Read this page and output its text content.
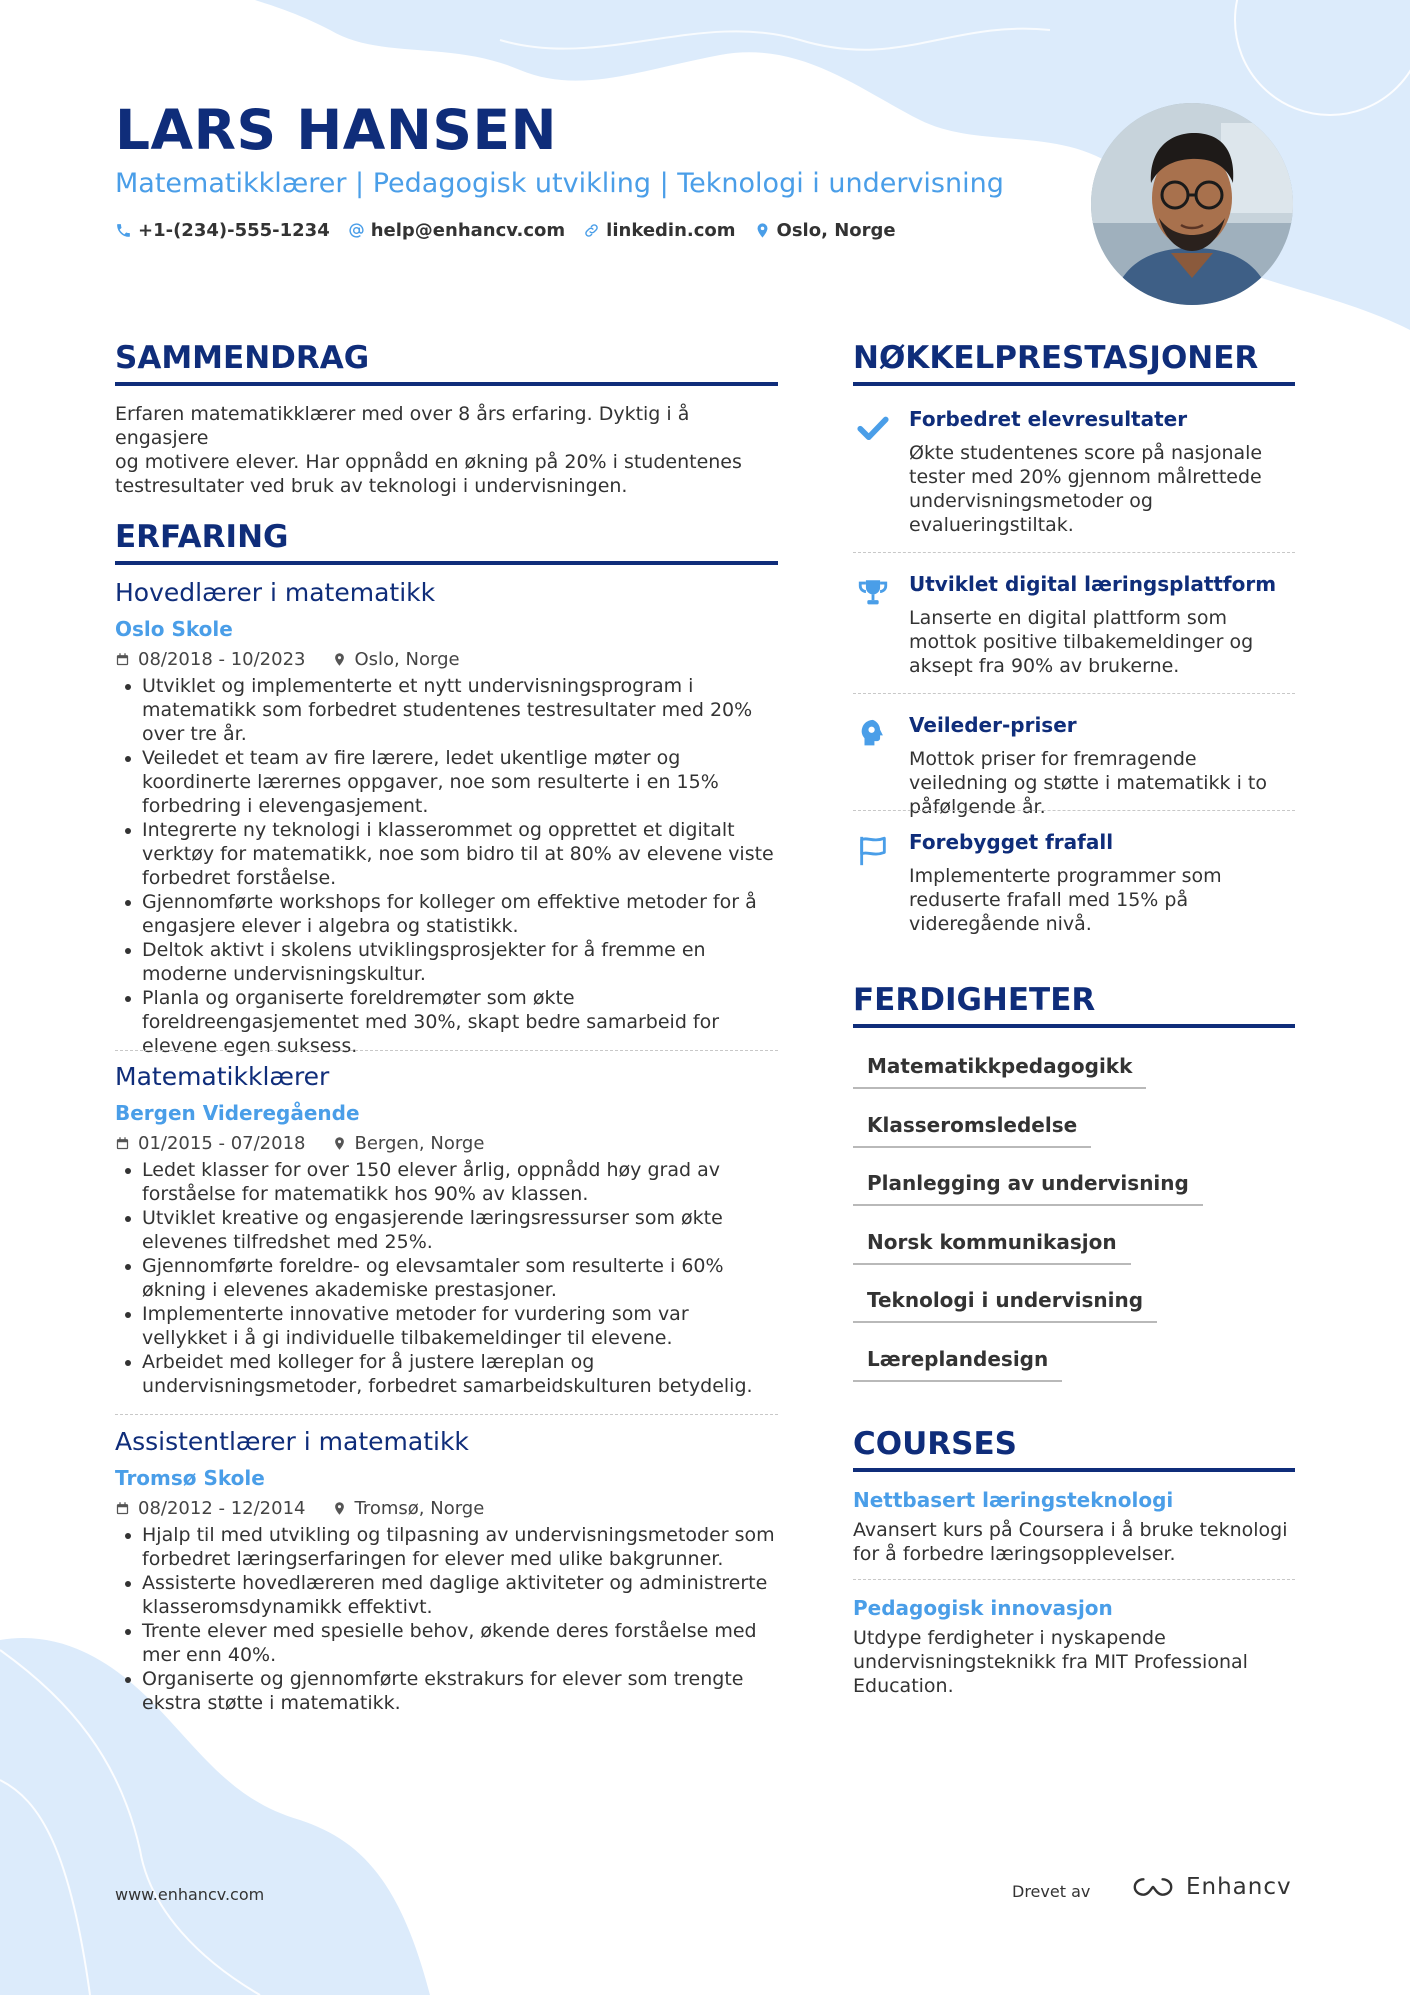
LARS HANSEN
Matematikklærer | Pedagogisk utvikling | Teknologi i undervisning
+1-(234)-555-1234 help@enhancv.com linkedin.com Oslo, Norge
SAMMENDRAG
Erfaren matematikklærer med over 8 års erfaring. Dyktig i å engasjere
og motivere elever. Har oppnådd en økning på 20% i studentenes
testresultater ved bruk av teknologi i undervisningen.
ERFARING
Hovedlærer i matematikk
Oslo Skole
08/2018 - 10/2023	Oslo, Norge
Utviklet og implementerte et nytt undervisningsprogram i matematikk som forbedret studentenes testresultater med 20% over tre år.
Veiledet et team av fire lærere, ledet ukentlige møter og koordinerte lærernes oppgaver, noe som resulterte i en 15% forbedring i elevengasjement.
Integrerte ny teknologi i klasserommet og opprettet et digitalt verktøy for matematikk, noe som bidro til at 80% av elevene viste forbedret forståelse.
Gjennomførte workshops for kolleger om effektive metoder for å engasjere elever i algebra og statistikk.
Deltok aktivt i skolens utviklingsprosjekter for å fremme en moderne undervisningskultur.
Planla og organiserte foreldremøter som økte foreldreengasjementet med 30%, skapt bedre samarbeid for elevene egen suksess.
Matematikklærer
Bergen Videregående
01/2015 - 07/2018	Bergen, Norge
Ledet klasser for over 150 elever årlig, oppnådd høy grad av forståelse for matematikk hos 90% av klassen.
Utviklet kreative og engasjerende læringsressurser som økte elevenes tilfredshet med 25%.
Gjennomførte foreldre- og elevsamtaler som resulterte i 60% økning i elevenes akademiske prestasjoner.
Implementerte innovative metoder for vurdering som var vellykket i å gi individuelle tilbakemeldinger til elevene.
Arbeidet med kolleger for å justere læreplan og undervisningsmetoder, forbedret samarbeidskulturen betydelig.
Assistentlærer i matematikk
Tromsø Skole
08/2012 - 12/2014	Tromsø, Norge
Hjalp til med utvikling og tilpasning av undervisningsmetoder som forbedret læringserfaringen for elever med ulike bakgrunner.
Assisterte hovedlæreren med daglige aktiviteter og administrerte klasseromsdynamikk effektivt.
Trente elever med spesielle behov, økende deres forståelse med mer enn 40%.
Organiserte og gjennomførte ekstrakurs for elever som trengte ekstra støtte i matematikk.
NØKKELPRESTASJONER
Forbedret elevresultater
Økte studentenes score på nasjonale tester med 20% gjennom målrettede undervisningsmetoder og evalueringstiltak.
Utviklet digital læringsplattform
Lanserte en digital plattform som mottok positive tilbakemeldinger og aksept fra 90% av brukerne.
Veileder-priser
Mottok priser for fremragende veiledning og støtte i matematikk i to påfølgende år.
Forebygget frafall
Implementerte programmer som reduserte frafall med 15% på videregående nivå.
FERDIGHETER
Matematikkpedagogikk
Klasseromsledelse
Planlegging av undervisning
Norsk kommunikasjon
Teknologi i undervisning
Læreplandesign
COURSES
Nettbasert læringsteknologi
Avansert kurs på Coursera i å bruke teknologi for å forbedre læringsopplevelser.
Pedagogisk innovasjon
Utdype ferdigheter i nyskapende undervisningsteknikk fra MIT Professional Education.
www.enhancv.com	Drevet av	Enhancv
